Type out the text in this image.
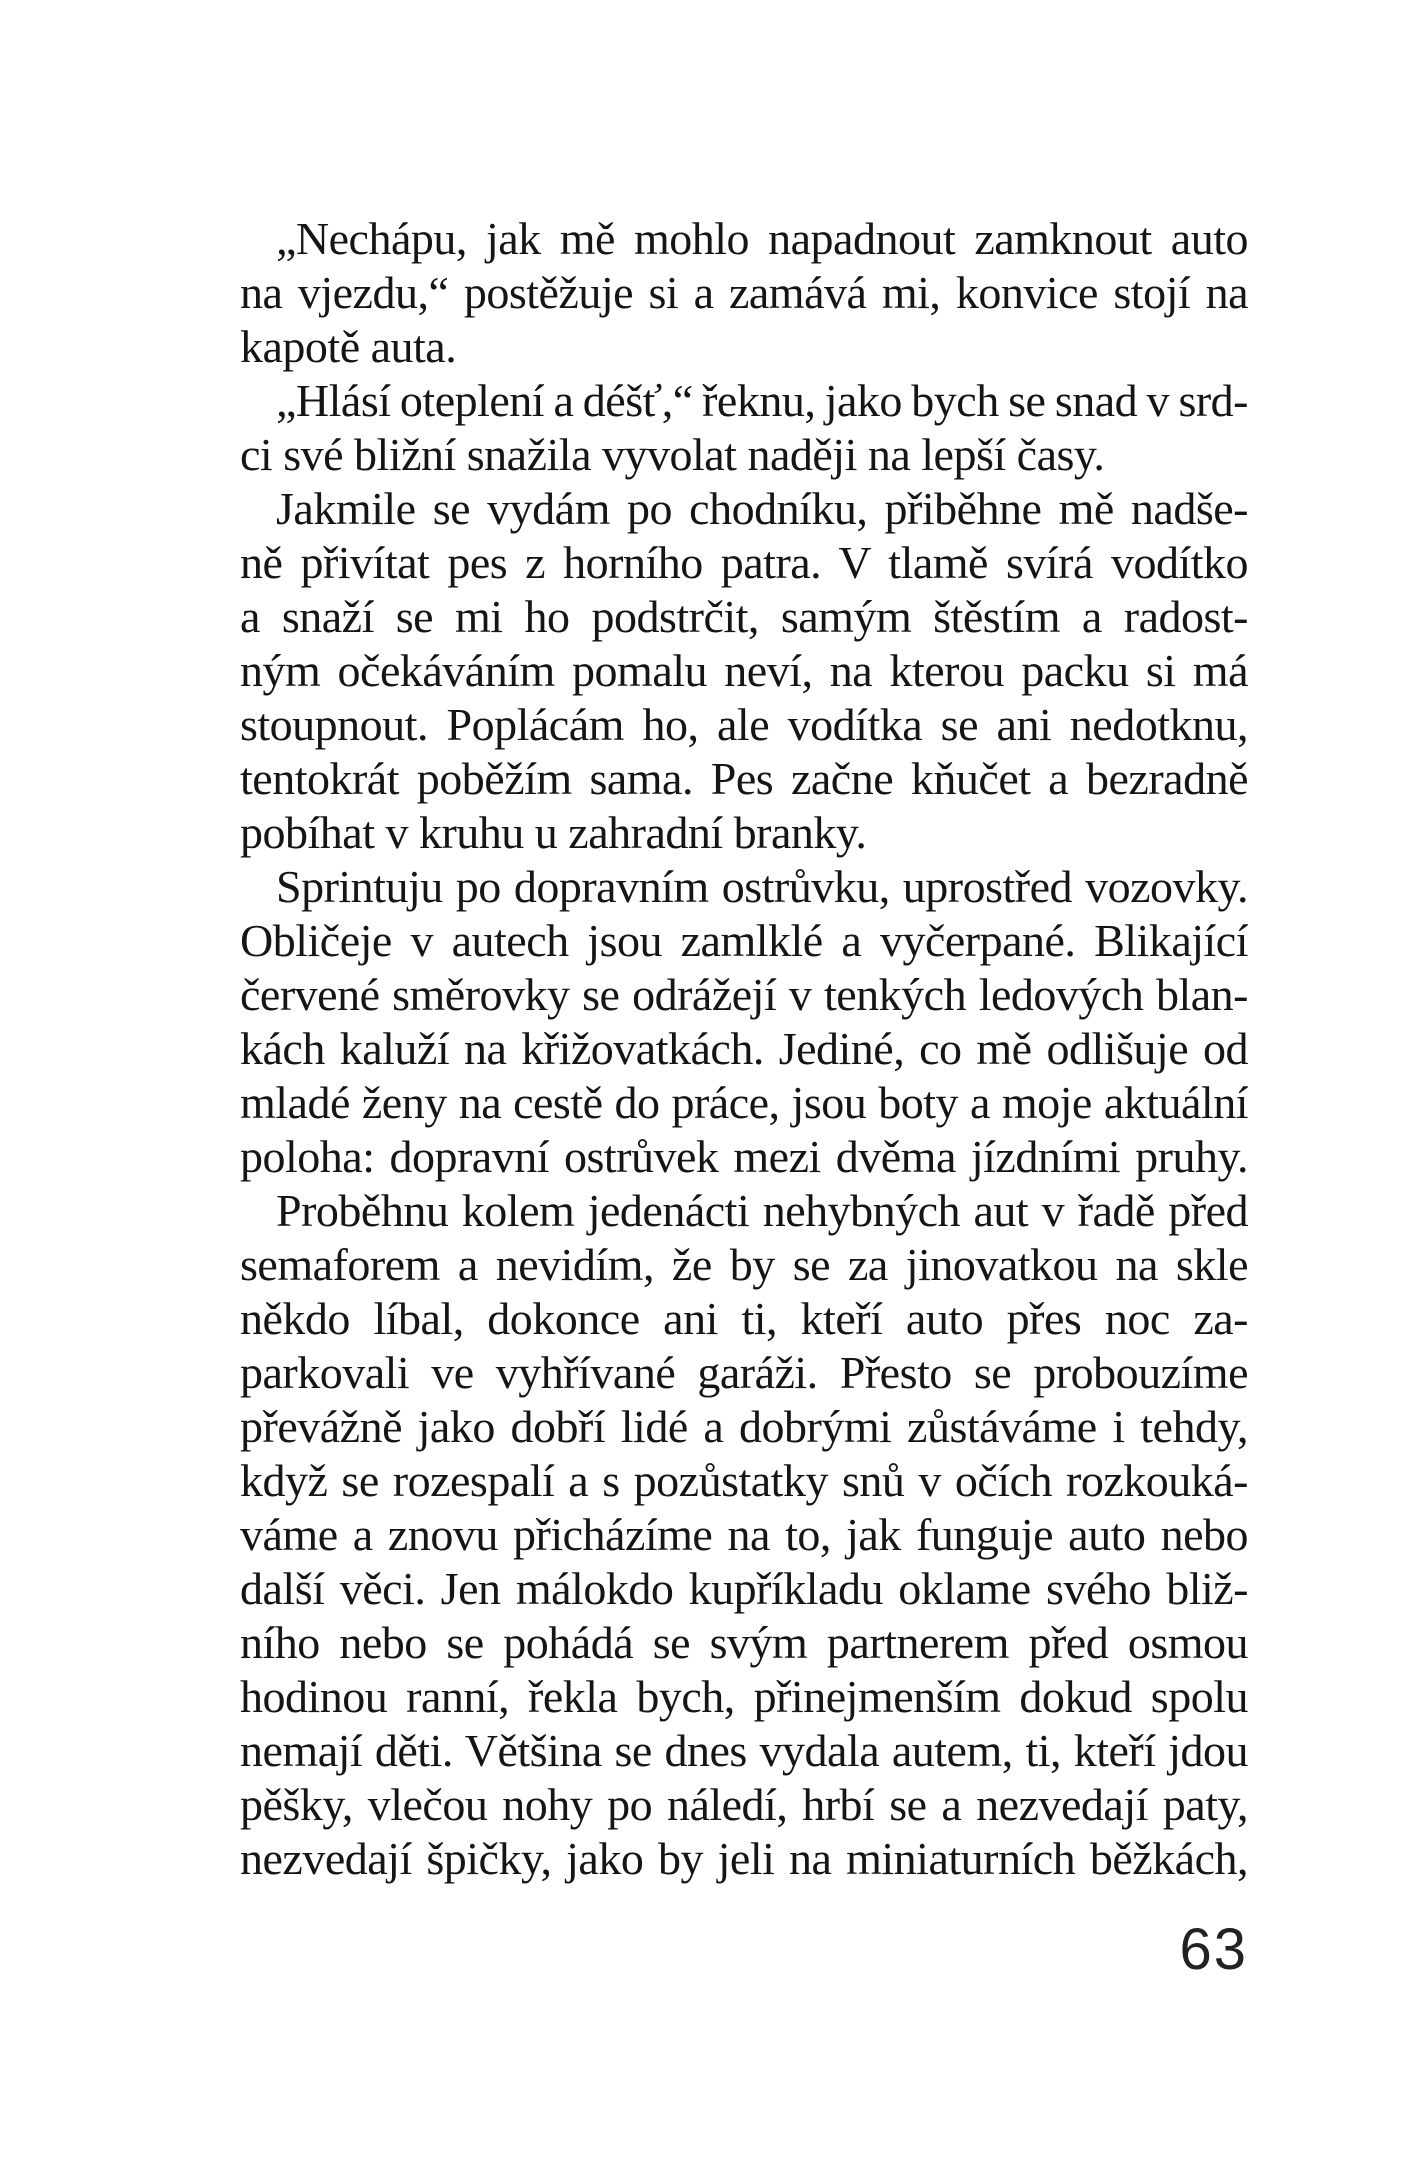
„Nechápu, jak mě mohlo napadnout zamknout auto
na vjezdu,“ postěžuje si a zamává mi, konvice stojí na
kapotě auta.
„Hlásí oteplení a déšť,“ řeknu, jako bych se snad v srd-
ci své bližní snažila vyvolat naději na lepší časy.
Jakmile se vydám po chodníku, přiběhne mě nadše-
ně přivítat pes z horního patra. V tlamě svírá vodítko
a snaží se mi ho podstrčit, samým štěstím a radost-
ným očekáváním pomalu neví, na kterou packu si má
stoupnout. Poplácám ho, ale vodítka se ani nedotknu,
tentokrát poběžím sama. Pes začne kňučet a bezradně
pobíhat v kruhu u zahradní branky.
Sprintuju po dopravním ostrůvku, uprostřed vozovky.
Obličeje v autech jsou zamlklé a vyčerpané. Blikající
červené směrovky se odrážejí v tenkých ledových blan-
kách kaluží na křižovatkách. Jediné, co mě odlišuje od
mladé ženy na cestě do práce, jsou boty a moje aktuální
poloha: dopravní ostrůvek mezi dvěma jízdními pruhy.
Proběhnu kolem jedenácti nehybných aut v řadě před
semaforem a nevidím, že by se za jinovatkou na skle
někdo líbal, dokonce ani ti, kteří auto přes noc za-
parkovali ve vyhřívané garáži. Přesto se probouzíme
převážně jako dobří lidé a dobrými zůstáváme i tehdy,
když se rozespalí a s pozůstatky snů v očích rozkouká-
váme a znovu přicházíme na to, jak funguje auto nebo
další věci. Jen málokdo kupříkladu oklame svého bliž-
ního nebo se pohádá se svým partnerem před osmou
hodinou ranní, řekla bych, přinejmenším dokud spolu
nemají děti. Většina se dnes vydala autem, ti, kteří jdou
pěšky, vlečou nohy po náledí, hrbí se a nezvedají paty,
nezvedají špičky, jako by jeli na miniaturních běžkách,
63
